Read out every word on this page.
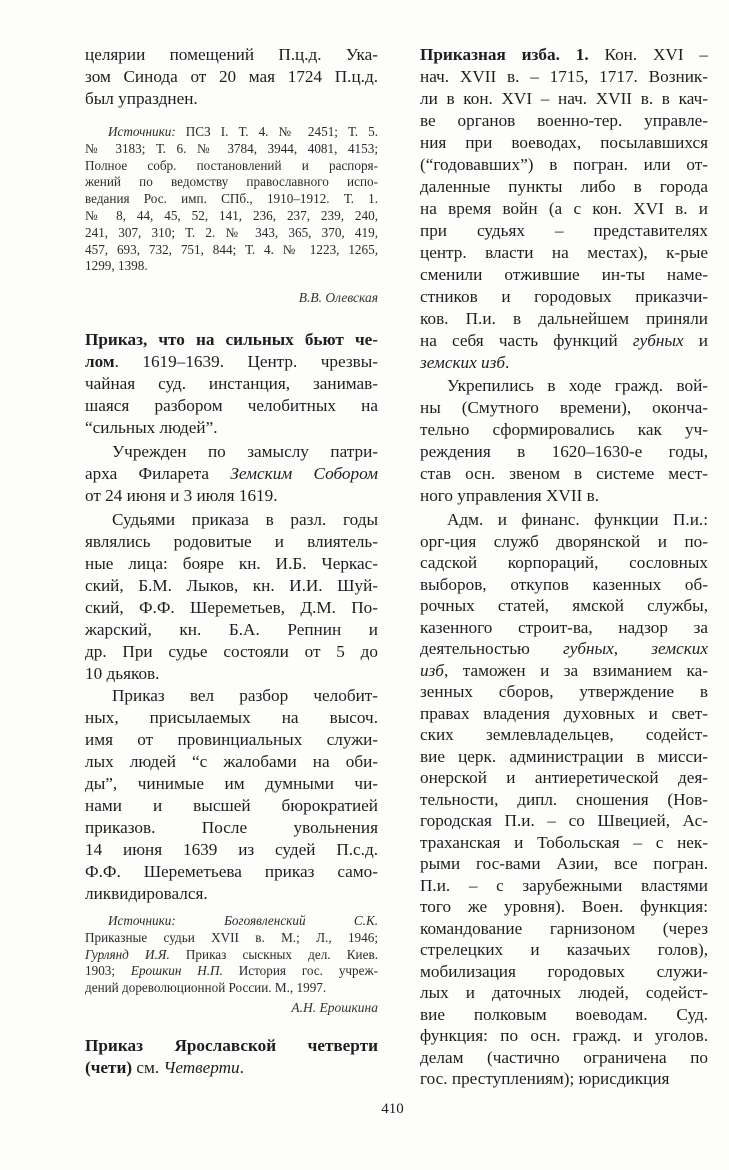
целярии помещений П.ц.д. Ука-
зом Синода от 20 мая 1724 П.ц.д.
был упразднен.
Источники: ПСЗ I. Т. 4. № 2451; Т. 5.
№ 3183; Т. 6. № 3784, 3944, 4081, 4153;
Полное собр. постановлений и распоря-
жений по ведомству православного испо-
ведания Рос. имп. СПб., 1910–1912. Т. 1.
№ 8, 44, 45, 52, 141, 236, 237, 239, 240,
241, 307, 310; Т. 2. № 343, 365, 370, 419,
457, 693, 732, 751, 844; Т. 4. № 1223, 1265,
1299, 1398.
В.В. Олевская
Приказ, что на сильных бьют че-
лом. 1619–1639. Центр. чрезвы-
чайная суд. инстанция, занимав-
шаяся разбором челобитных на
“сильных людей”.
Учрежден по замыслу патри-
арха Филарета Земским Собором
от 24 июня и 3 июля 1619.
Судьями приказа в разл. годы
являлись родовитые и влиятель-
ные лица: бояре кн. И.Б. Черкас-
ский, Б.М. Лыков, кн. И.И. Шуй-
ский, Ф.Ф. Шереметьев, Д.М. По-
жарский, кн. Б.А. Репнин и
др. При судье состояли от 5 до
10 дьяков.
Приказ вел разбор челобит-
ных, присылаемых на высоч.
имя от провинциальных служи-
лых людей “с жалобами на оби-
ды”, чинимые им думными чи-
нами и высшей бюрократией
приказов. После увольнения
14 июня 1639 из судей П.с.д.
Ф.Ф. Шереметьева приказ само-
ликвидировался.
Источники:	Богоявленский С.К.
Приказные судьи XVII в. М.; Л., 1946;
Гурлянд И.Я. Приказ сыскных дел. Киев.
1903; Ерошкин Н.П. История гос. учреж-
дений дореволюционной России. М., 1997.
А.Н. Ерошкина
Приказ Ярославской четверти
(чети) см. Четверти.
Приказная изба. 1. Кон. XVI –
нач. XVII в. – 1715, 1717. Возник-
ли в кон. XVI – нач. XVII в. в кач-
ве органов военно-тер. управле-
ния при воеводах, посылавшихся
(“годовавших”) в погран. или от-
даленные пункты либо в города
на время войн (а с кон. XVI в. и
при судьях – представителях
центр. власти на местах), к-рые
сменили отжившие ин-ты наме-
стников и городовых приказчи-
ков. П.и. в дальнейшем приняли
на себя часть функций губных и
земских изб.
Укрепились в ходе гражд. вой-
ны (Смутного времени), оконча-
тельно сформировались как уч-
реждения в 1620–1630-е годы,
став осн. звеном в системе мест-
ного управления XVII в.
Адм. и финанс. функции П.и.:
орг-ция служб дворянской и по-
садской корпораций, сословных
выборов, откупов казенных об-
рочных статей, ямской службы,
казенного строит-ва, надзор за
деятельностью губных, земских
изб, таможен и за взиманием ка-
зенных сборов, утверждение в
правах владения духовных и свет-
ских землевладельцев, содейст-
вие церк. администрации в мисси-
онерской и антиеретической дея-
тельности, дипл. сношения (Нов-
городская П.и. – со Швецией, Ас-
траханская и Тобольская – с нек-
рыми гос-вами Азии, все погран.
П.и. – с зарубежными властями
того же уровня). Воен. функция:
командование гарнизоном (через
стрелецких и казачьих голов),
мобилизация городовых служи-
лых и даточных людей, содейст-
вие полковым воеводам. Суд.
функция: по осн. гражд. и уголов.
делам (частично ограничена по
гос. преступлениям); юрисдикция
410
